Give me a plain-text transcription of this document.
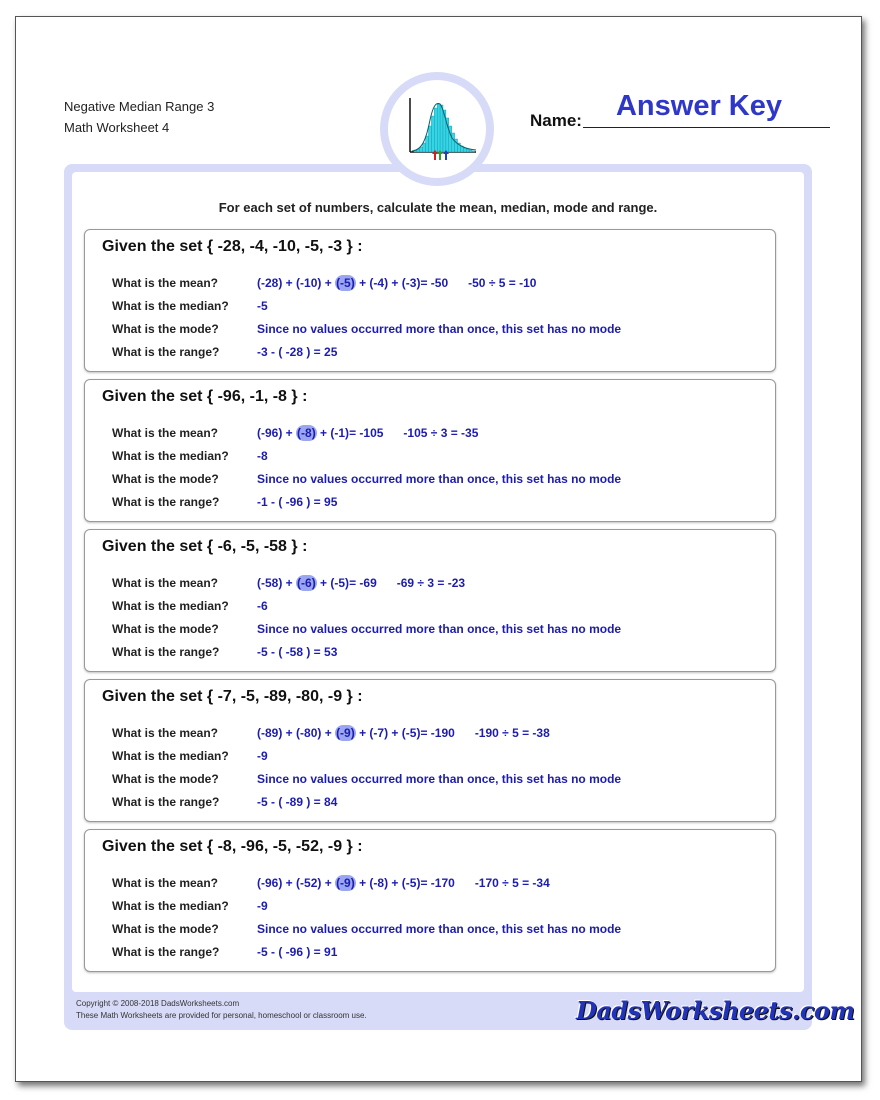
Negative Median Range 3
Math Worksheet 4	Name:	Answer Key
For each set of numbers, calculate the mean, median, mode and range.
Given the set { -28, -4, -10, -5, -3 } :
What is the mean?	(-28) + (-10) + (-5) + (-4) + (-3)= -50 -50 ÷ 5 = -10
What is the median? -5
What is the mode?	Since no values occurred more than once, this set has no mode
What is the range?	-3 - ( -28 ) = 25
Given the set { -96, -1, -8 } :
What is the mean?	(-96) + (-8) + (-1)= -105 -105 ÷ 3 = -35
What is the median? -8
What is the mode?	Since no values occurred more than once, this set has no mode
What is the range?	-1 - ( -96 ) = 95
Given the set { -6, -5, -58 } :
What is the mean?	(-58) + (-6) + (-5)= -69 -69 ÷ 3 = -23
What is the median? -6
What is the mode?	Since no values occurred more than once, this set has no mode
What is the range?	-5 - ( -58 ) = 53
Given the set { -7, -5, -89, -80, -9 } :
What is the mean?	(-89) + (-80) + (-9) + (-7) + (-5)= -190 -190 ÷ 5 = -38
What is the median? -9
What is the mode?	Since no values occurred more than once, this set has no mode
What is the range?	-5 - ( -89 ) = 84
Given the set { -8, -96, -5, -52, -9 } :
What is the mean?	(-96) + (-52) + (-9) + (-8) + (-5)= -170 -170 ÷ 5 = -34
What is the median? -9
What is the mode?	Since no values occurred more than once, this set has no mode
What is the range?	-5 - ( -96 ) = 91
Copyright © 2008-2018 DadsWorksheets.com
These Math Worksheets are provided for personal, homeschool or classroom use.	DadsWorksheets.com
